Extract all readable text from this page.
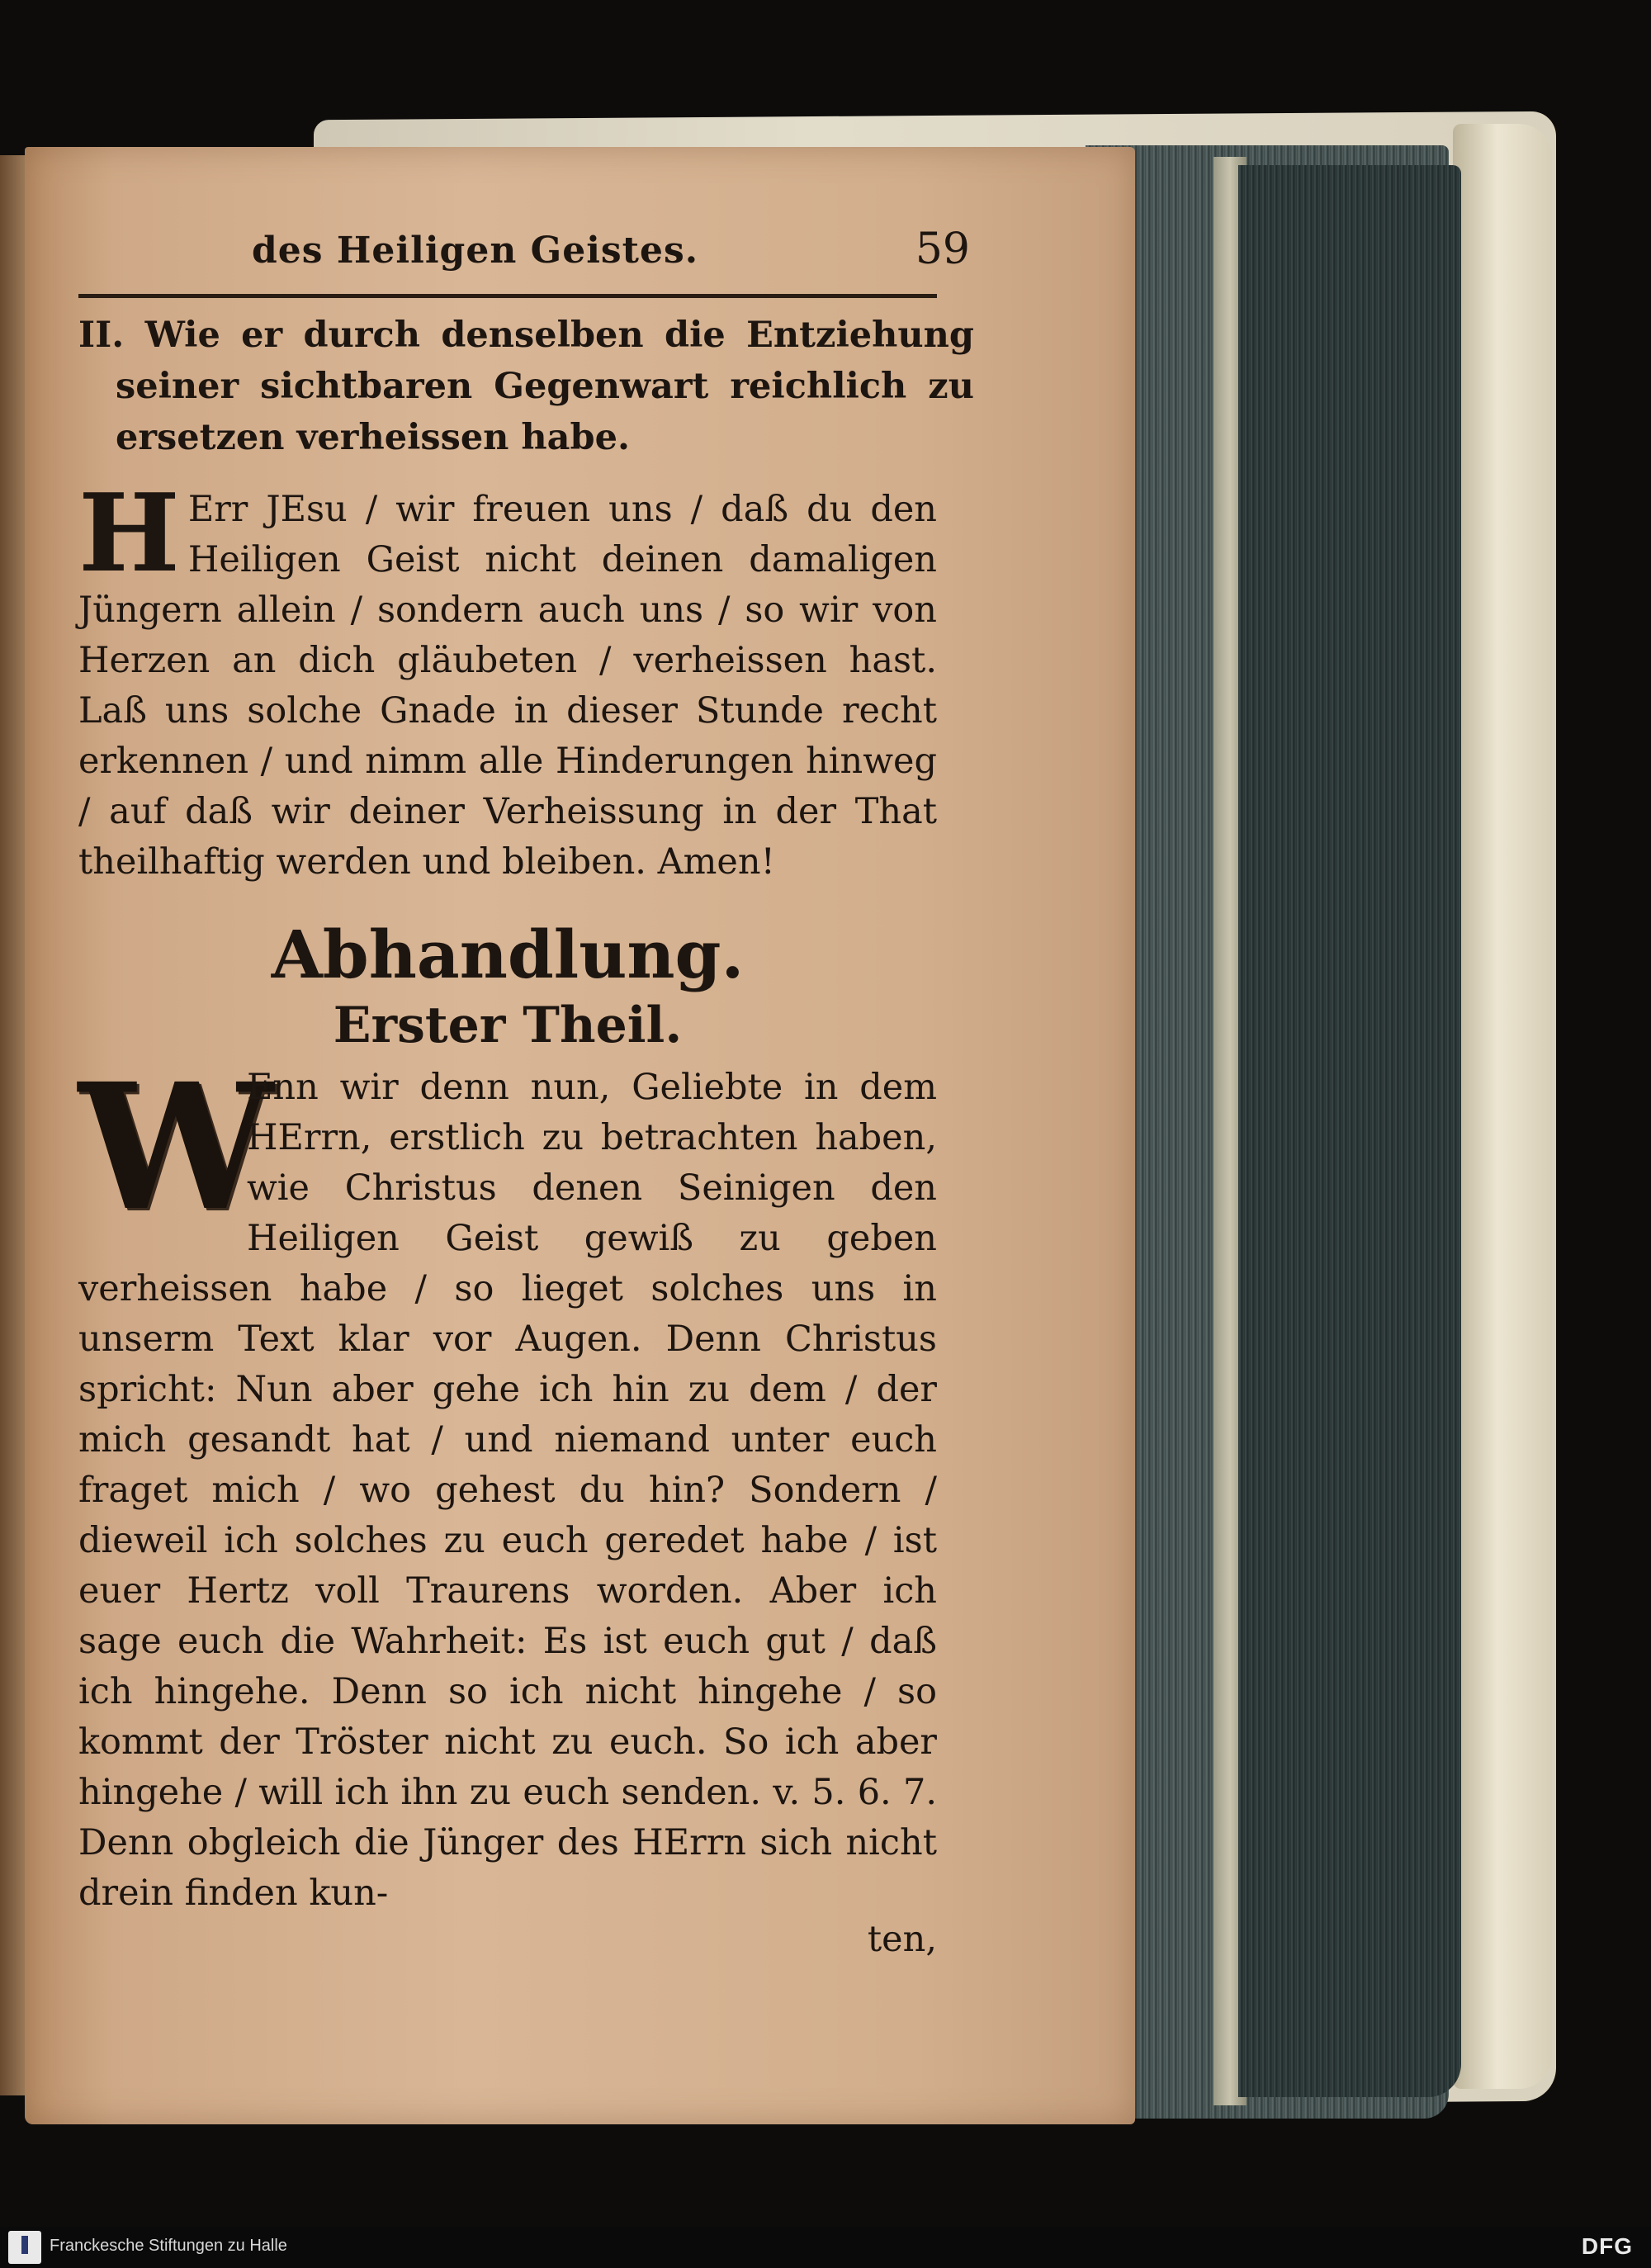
des Heiligen Geistes.	59
II. Wie er durch denselben die Entziehung seiner sichtbaren Gegenwart reichlich zu ersetzen verheissen habe.
H Err JEsu / wir freuen uns / daß du den Heiligen Geist nicht deinen damaligen Jüngern allein / sondern auch uns / so wir von Herzen an dich gläubeten / verheissen hast. Laß uns solche Gnade in dieser Stunde recht erkennen / und nimm alle Hinderungen hinweg / auf daß wir deiner Verheissung in der That theilhaftig werden und bleiben. Amen!
Abhandlung.
Erster Theil.
W
Enn wir denn nun, Geliebte in dem HErrn, erstlich zu betrachten haben, wie Christus denen Seinigen den Heiligen Geist gewiß zu geben verheissen habe / so lieget solches uns in unserm Text klar vor Augen. Denn Christus spricht: Nun aber gehe ich hin zu dem / der mich gesandt hat / und niemand unter euch fraget mich / wo gehest du hin? Sondern / dieweil ich solches zu euch geredet habe / ist euer Hertz voll Traurens worden. Aber ich sage euch die Wahrheit: Es ist euch gut / daß ich hingehe. Denn so ich nicht hingehe / so kommt der Tröster nicht zu euch. So ich aber hingehe / will ich ihn zu euch senden. v. 5. 6. 7. Denn obgleich die Jünger des HErrn sich nicht drein finden kun-
ten,
Franckesche Stiftungen zu Halle	DFG
